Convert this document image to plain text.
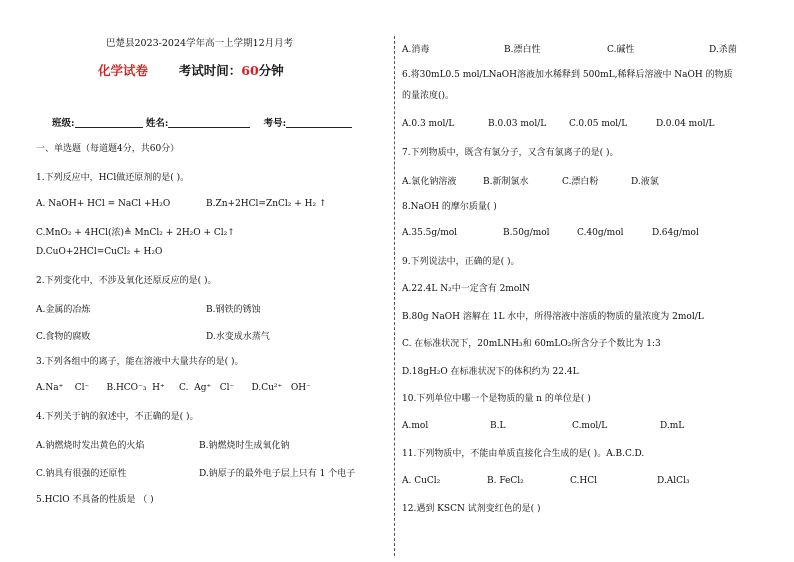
巴楚县2023-2024学年高一上学期12月月考
化学试卷 考试时间：60分钟
班级:	姓名:	考号:
一、单选题（每道题4分，共60分）
1.下列反应中，HCl做还原剂的是( )。
A. NaOH+ HCl = NaCl +H₂O	B.Zn+2HCl=ZnCl₂ + H₂ ↑
C.MnO₂ + 4HCl(浓)≜ MnCl₂ + 2H₂O + Cl₂↑
D.CuO+2HCl=CuCl₂ + H₂O
2.下列变化中，不涉及氧化还原反应的是( )。
A.金属的冶炼	B.钢铁的锈蚀
C.食物的腐败	D.水变成水蒸气
3.下列各组中的离子，能在溶液中大量共存的是( )。
A.Na⁺    Cl⁻      B.HCO⁻₃  H⁺     C.  Ag⁺   Cl⁻      D.Cu²⁺   OH⁻
4.下列关于钠的叙述中，不正确的是( )。
A.钠燃烧时发出黄色的火焰	B.钠燃烧时生成氧化钠
C.钠具有很强的还原性	D.钠原子的最外电子层上只有 1 个电子
5.HClO 不具备的性质是 （ )
A.消毒	B.漂白性	C.碱性	D.杀菌
6.将30mL0.5 mol/LNaOH溶液加水稀释到 500mL,稀释后溶液中 NaOH 的物质
的量浓度()。
A.0.3 mol/L	B.0.03 mol/L	C.0.05 mol/L	D.0.04 mol/L
7.下列物质中，既含有氯分子，又含有氯离子的是( )。
A.氯化钠溶液	B.新制氯水	C.漂白粉	D.液氯
8.NaOH 的摩尔质量( )
A.35.5g/mol	B.50g/mol	C.40g/mol	D.64g/mol
9.下列说法中，正确的是( )。
A.22.4L N₂中一定含有 2molN
B.80g NaOH 溶解在 1L 水中，所得溶液中溶质的物质的量浓度为 2mol/L
C. 在标准状况下，20mLNH₃和 60mLO₂所含分子个数比为 1:3
D.18gH₂O 在标准状况下的体积约为 22.4L
10.下列单位中哪一个是物质的量 n 的单位是( )
A.mol	B.L	C.mol/L	D.mL
11.下列物质中，不能由单质直接化合生成的是( )。A.B.C.D.
A. CuCl₂	B. FeCl₂	C.HCl	D.AlCl₃
12.遇到 KSCN 试剂变红色的是( )
